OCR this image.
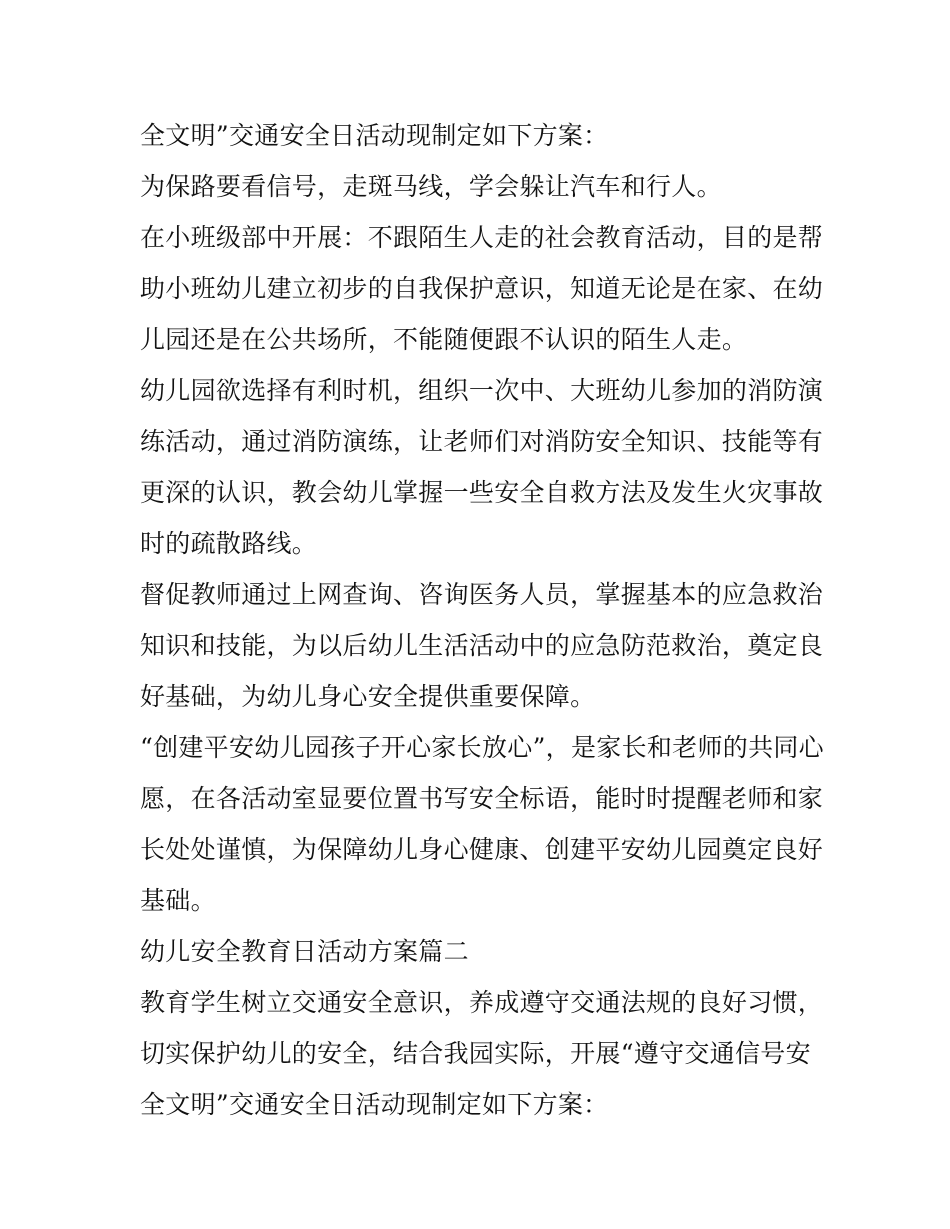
全文明”交通安全日活动现制定如下方案：
为保路要看信号，走斑马线，学会躲让汽车和行人。
在小班级部中开展：不跟陌生人走的社会教育活动，目的是帮
助小班幼儿建立初步的自我保护意识，知道无论是在家、在幼
儿园还是在公共场所，不能随便跟不认识的陌生人走。
幼儿园欲选择有利时机，组织一次中、大班幼儿参加的消防演
练活动，通过消防演练，让老师们对消防安全知识、技能等有
更深的认识，教会幼儿掌握一些安全自救方法及发生火灾事故
时的疏散路线。
督促教师通过上网查询、咨询医务人员，掌握基本的应急救治
知识和技能，为以后幼儿生活活动中的应急防范救治，奠定良
好基础，为幼儿身心安全提供重要保障。
“创建平安幼儿园孩子开心家长放心”，是家长和老师的共同心
愿，在各活动室显要位置书写安全标语，能时时提醒老师和家
长处处谨慎，为保障幼儿身心健康、创建平安幼儿园奠定良好
基础。
幼儿安全教育日活动方案篇二
教育学生树立交通安全意识，养成遵守交通法规的良好习惯，
切实保护幼儿的安全，结合我园实际，开展“遵守交通信号安
全文明”交通安全日活动现制定如下方案：
